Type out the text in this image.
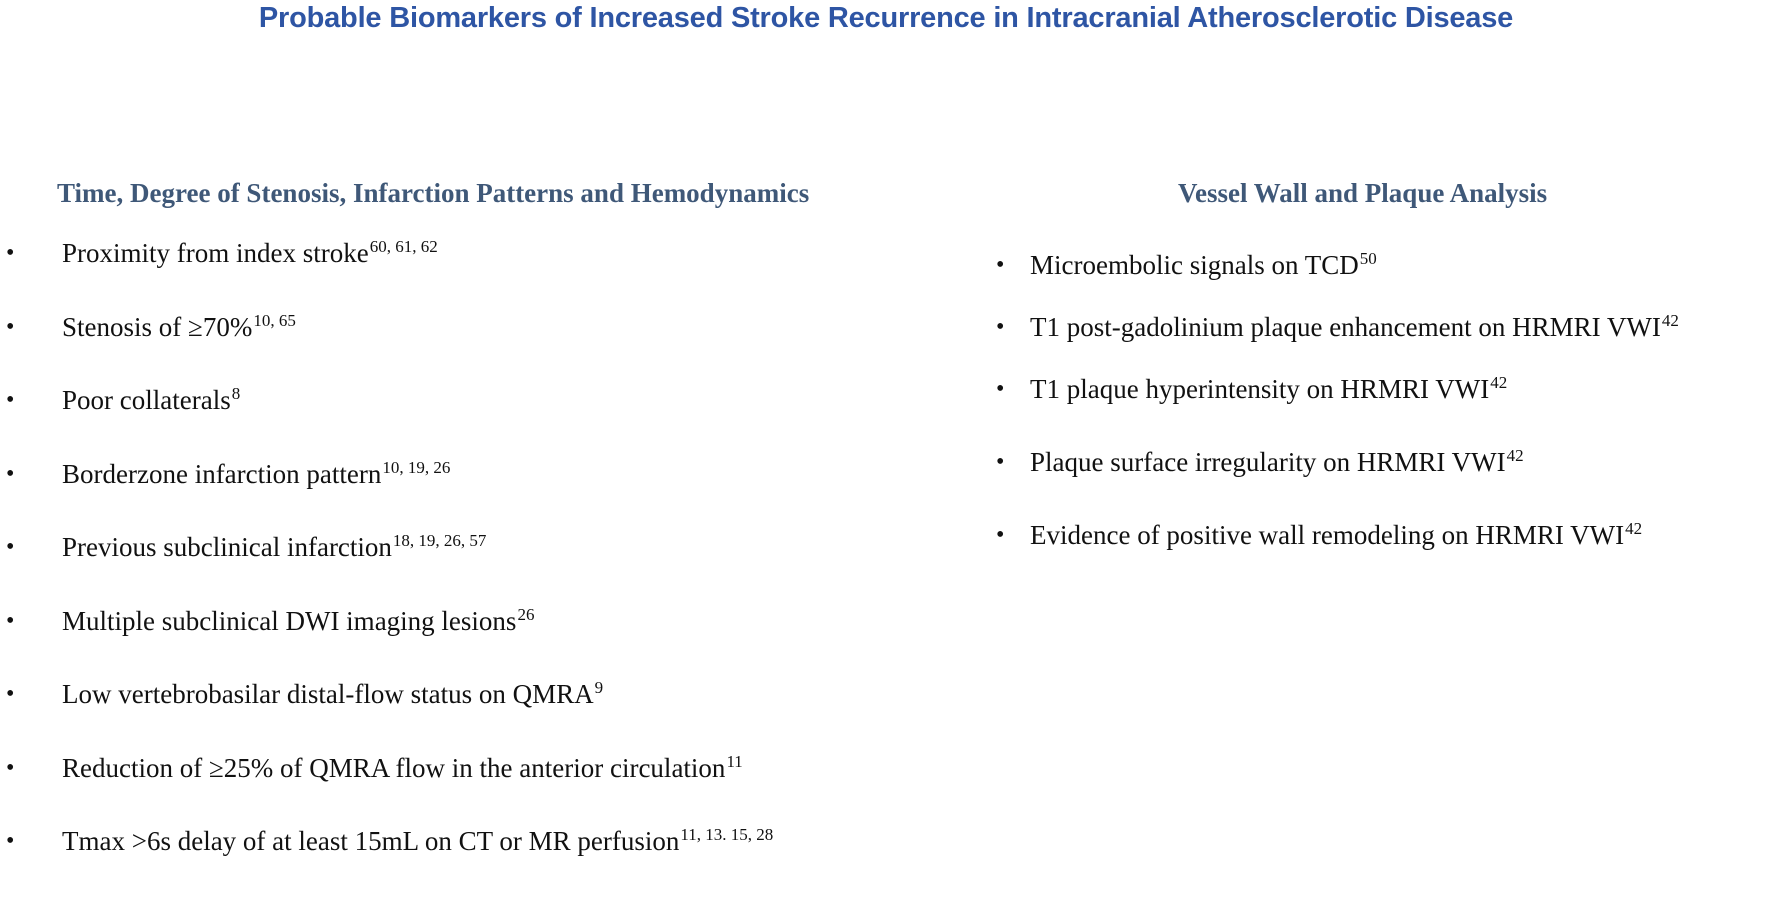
Probable Biomarkers of Increased Stroke Recurrence in Intracranial Atherosclerotic Disease
Time, Degree of Stenosis, Infarction Patterns and Hemodynamics	Vessel Wall and Plaque Analysis
• Proximity from index stroke$^{60, 61, 62}$
• Stenosis of ≥70%$^{10, 65}$
• Poor collaterals$^8$
• Borderzone infarction pattern$^{10, 19, 26}$
• Previous subclinical infarction$^{18, 19, 26, 57}$
• Multiple subclinical DWI imaging lesions$^{26}$
• Low vertebrobasilar distal-flow status on QMRA$^9$
• Reduction of ≥25% of QMRA flow in the anterior circulation$^{11}$
• Tmax >6s delay of at least 15mL on CT or MR perfusion$^{11, 13. 15, 28}$
• Microembolic signals on TCD$^{50}$
• T1 post-gadolinium plaque enhancement on HRMRI VWI$^{42}$
• T1 plaque hyperintensity on HRMRI VWI$^{42}$
• Plaque surface irregularity on HRMRI VWI$^{42}$
• Evidence of positive wall remodeling on HRMRI VWI$^{42}$
